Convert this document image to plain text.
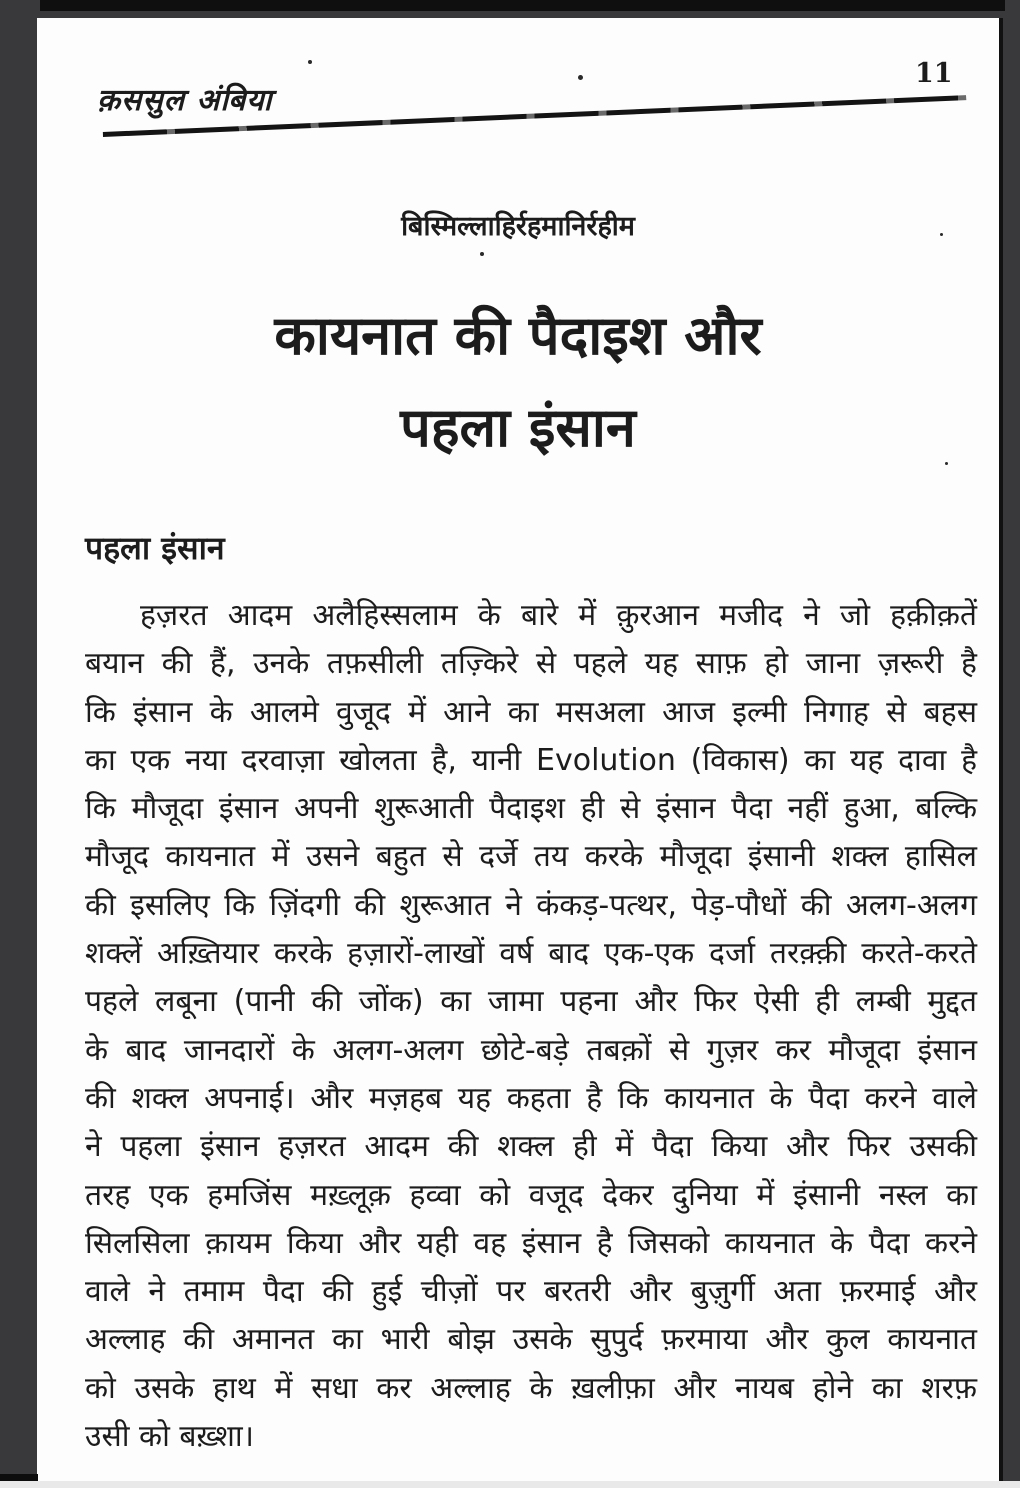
क़ससुल अंबिया
11
बिस्मिल्लाहिर्रहमानिर्रहीम
कायनात की पैदाइश और
पहला इंसान
पहला इंसान
हज़रत आदम अलैहिस्सलाम के बारे में क़ुरआन मजीद ने जो हक़ीक़तें
बयान की हैं, उनके तफ़सीली तज़्किरे से पहले यह साफ़ हो जाना ज़रूरी है
कि इंसान के आलमे वुजूद में आने का मसअला आज इल्मी निगाह से बहस
का एक नया दरवाज़ा खोलता है, यानी Evolution (विकास) का यह दावा है
कि मौजूदा इंसान अपनी शुरूआती पैदाइश ही से इंसान पैदा नहीं हुआ, बल्कि
मौजूद कायनात में उसने बहुत से दर्जे तय करके मौजूदा इंसानी शक्ल हासिल
की इसलिए कि ज़िंदगी की शुरूआत ने कंकड़-पत्थर, पेड़-पौधों की अलग-अलग
शक्लें अख़्तियार करके हज़ारों-लाखों वर्ष बाद एक-एक दर्जा तरक़्क़ी करते-करते
पहले लबूना (पानी की जोंक) का जामा पहना और फिर ऐसी ही लम्बी मुद्दत
के बाद जानदारों के अलग-अलग छोटे-बड़े तबक़ों से गुज़र कर मौजूदा इंसान
की शक्ल अपनाई। और मज़हब यह कहता है कि कायनात के पैदा करने वाले
ने पहला इंसान हज़रत आदम की शक्ल ही में पैदा किया और फिर उसकी
तरह एक हमजिंस मख़्लूक़ हव्वा को वजूद देकर दुनिया में इंसानी नस्ल का
सिलसिला क़ायम किया और यही वह इंसान है जिसको कायनात के पैदा करने
वाले ने तमाम पैदा की हुई चीज़ों पर बरतरी और बुज़ुर्गी अता फ़रमाई और
अल्लाह की अमानत का भारी बोझ उसके सुपुर्द फ़रमाया और कुल कायनात
को उसके हाथ में सधा कर अल्लाह के ख़लीफ़ा और नायब होने का शरफ़
उसी को बख़्शा।
